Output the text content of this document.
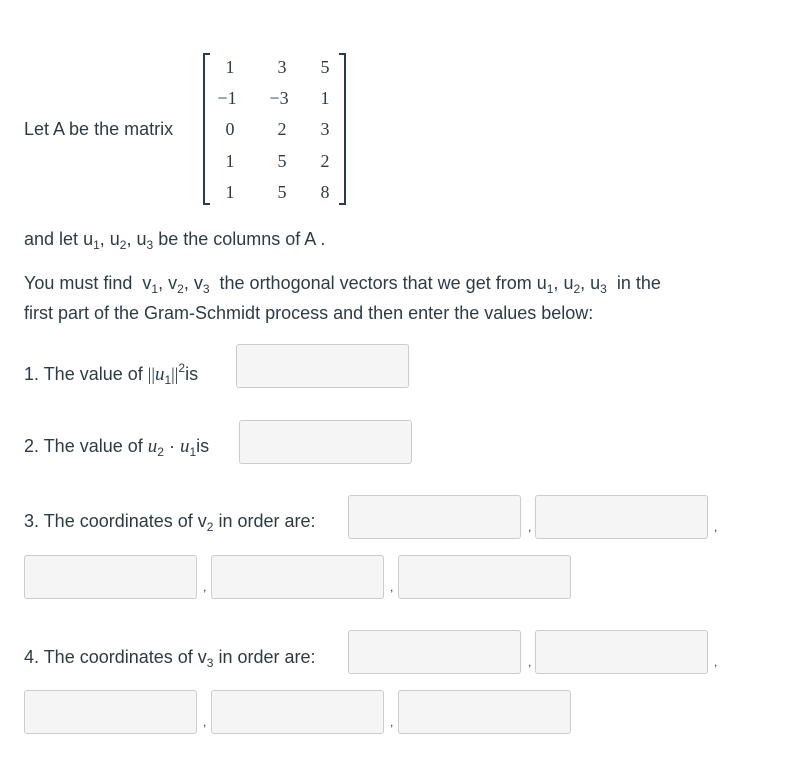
Let A be the matrix
1	3	5
−1	−3	1
0	2	3
1	5	2
1	5	8
and let $u_1$, $u_2$, $u_3$ be the columns of A .
You must find $v_1$, $v_2$, $v_3$ the orthogonal vectors that we get from $u_1$, $u_2$, $u_3$ in the
first part of the Gram-Schmidt process and then enter the values below:
1. The value of $||u_1||^2is$
2. The value of $u_2 \cdot u_1is$
3. The coordinates of $v_2$ in order are:	,	,
,	,
4. The coordinates of $v_3$ in order are:	,	,
,	,
